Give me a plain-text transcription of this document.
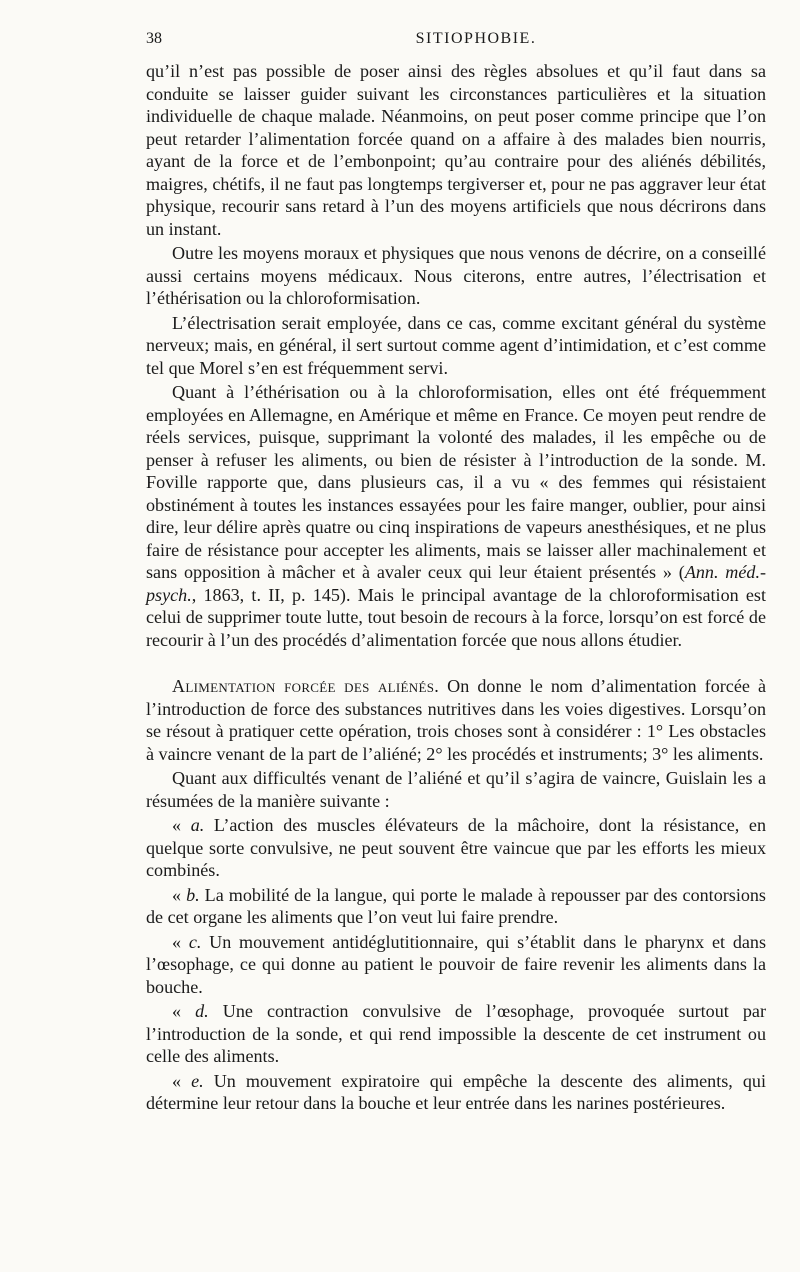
38	SITIOPHOBIE.

qu’il n’est pas possible de poser ainsi des règles absolues et qu’il faut dans sa conduite se laisser guider suivant les circonstances particulières et la situation individuelle de chaque malade. Néanmoins, on peut poser comme principe que l’on peut retarder l’alimentation forcée quand on a affaire à des malades bien nourris, ayant de la force et de l’embonpoint; qu’au contraire pour des aliénés débilités, maigres, chétifs, il ne faut pas longtemps tergiverser et, pour ne pas aggraver leur état physique, recourir sans retard à l’un des moyens artificiels que nous décrirons dans un instant.

Outre les moyens moraux et physiques que nous venons de décrire, on a conseillé aussi certains moyens médicaux. Nous citerons, entre autres, l’électrisation et l’éthérisation ou la chloroformisation.

L’électrisation serait employée, dans ce cas, comme excitant général du système nerveux; mais, en général, il sert surtout comme agent d’intimidation, et c’est comme tel que Morel s’en est fréquemment servi.

Quant à l’éthérisation ou à la chloroformisation, elles ont été fréquemment employées en Allemagne, en Amérique et même en France. Ce moyen peut rendre de réels services, puisque, supprimant la volonté des malades, il les empêche ou de penser à refuser les aliments, ou bien de résister à l’introduction de la sonde. M. Foville rapporte que, dans plusieurs cas, il a vu « des femmes qui résistaient obstinément à toutes les instances essayées pour les faire manger, oublier, pour ainsi dire, leur délire après quatre ou cinq inspirations de vapeurs anesthésiques, et ne plus faire de résistance pour accepter les aliments, mais se laisser aller machinalement et sans opposition à mâcher et à avaler ceux qui leur étaient présentés » (Ann. méd.-psych., 1863, t. II, p. 145). Mais le principal avantage de la chloroformisation est celui de supprimer toute lutte, tout besoin de recours à la force, lorsqu’on est forcé de recourir à l’un des procédés d’alimentation forcée que nous allons étudier.

Alimentation forcée des aliénés. On donne le nom d’alimentation forcée à l’introduction de force des substances nutritives dans les voies digestives. Lorsqu’on se résout à pratiquer cette opération, trois choses sont à considérer : 1° Les obstacles à vaincre venant de la part de l’aliéné; 2° les procédés et instruments; 3° les aliments.

Quant aux difficultés venant de l’aliéné et qu’il s’agira de vaincre, Guislain les a résumées de la manière suivante :

« a. L’action des muscles élévateurs de la mâchoire, dont la résistance, en quelque sorte convulsive, ne peut souvent être vaincue que par les efforts les mieux combinés.

« b. La mobilité de la langue, qui porte le malade à repousser par des contorsions de cet organe les aliments que l’on veut lui faire prendre.

« c. Un mouvement antidéglutitionnaire, qui s’établit dans le pharynx et dans l’œsophage, ce qui donne au patient le pouvoir de faire revenir les aliments dans la bouche.

« d. Une contraction convulsive de l’œsophage, provoquée surtout par l’introduction de la sonde, et qui rend impossible la descente de cet instrument ou celle des aliments.

« e. Un mouvement expiratoire qui empêche la descente des aliments, qui détermine leur retour dans la bouche et leur entrée dans les narines postérieures.
